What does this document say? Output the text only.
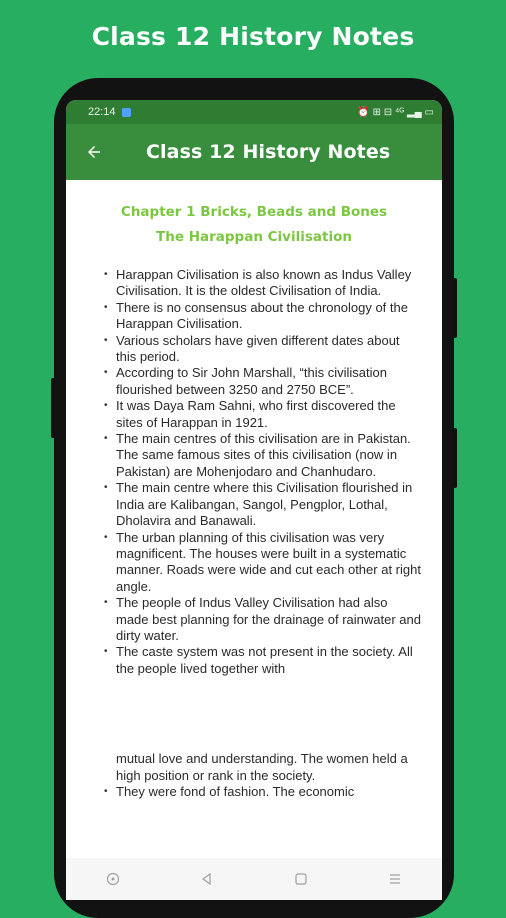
Class 12 History Notes
22:14	⏰ ⊞ ⊟ ⁴ᴳ ▂▄ ▭
Class 12 History Notes
Chapter 1 Bricks, Beads and Bones
The Harappan Civilisation
• Harappan Civilisation is also known as Indus Valley Civilisation. It is the oldest Civilisation of India.
• There is no consensus about the chronology of the Harappan Civilisation.
• Various scholars have given different dates about this period.
• According to Sir John Marshall, “this civilisation flourished between 3250 and 2750 BCE”.
• It was Daya Ram Sahni, who first discovered the sites of Harappan in 1921.
• The main centres of this civilisation are in Pakistan. The same famous sites of this civilisation (now in Pakistan) are Mohenjodaro and Chanhudaro.
• The main centre where this Civilisation flourished in India are Kalibangan, Sangol, Pengplor, Lothal, Dholavira and Banawali.
• The urban planning of this civilisation was very magnificent. The houses were built in a systematic manner. Roads were wide and cut each other at right angle.
• The people of Indus Valley Civilisation had also made best planning for the drainage of rainwater and dirty water.
• The caste system was not present in the society. All the people lived together with
mutual love and understanding. The women held a high position or rank in the society.
• They were fond of fashion. The economic
